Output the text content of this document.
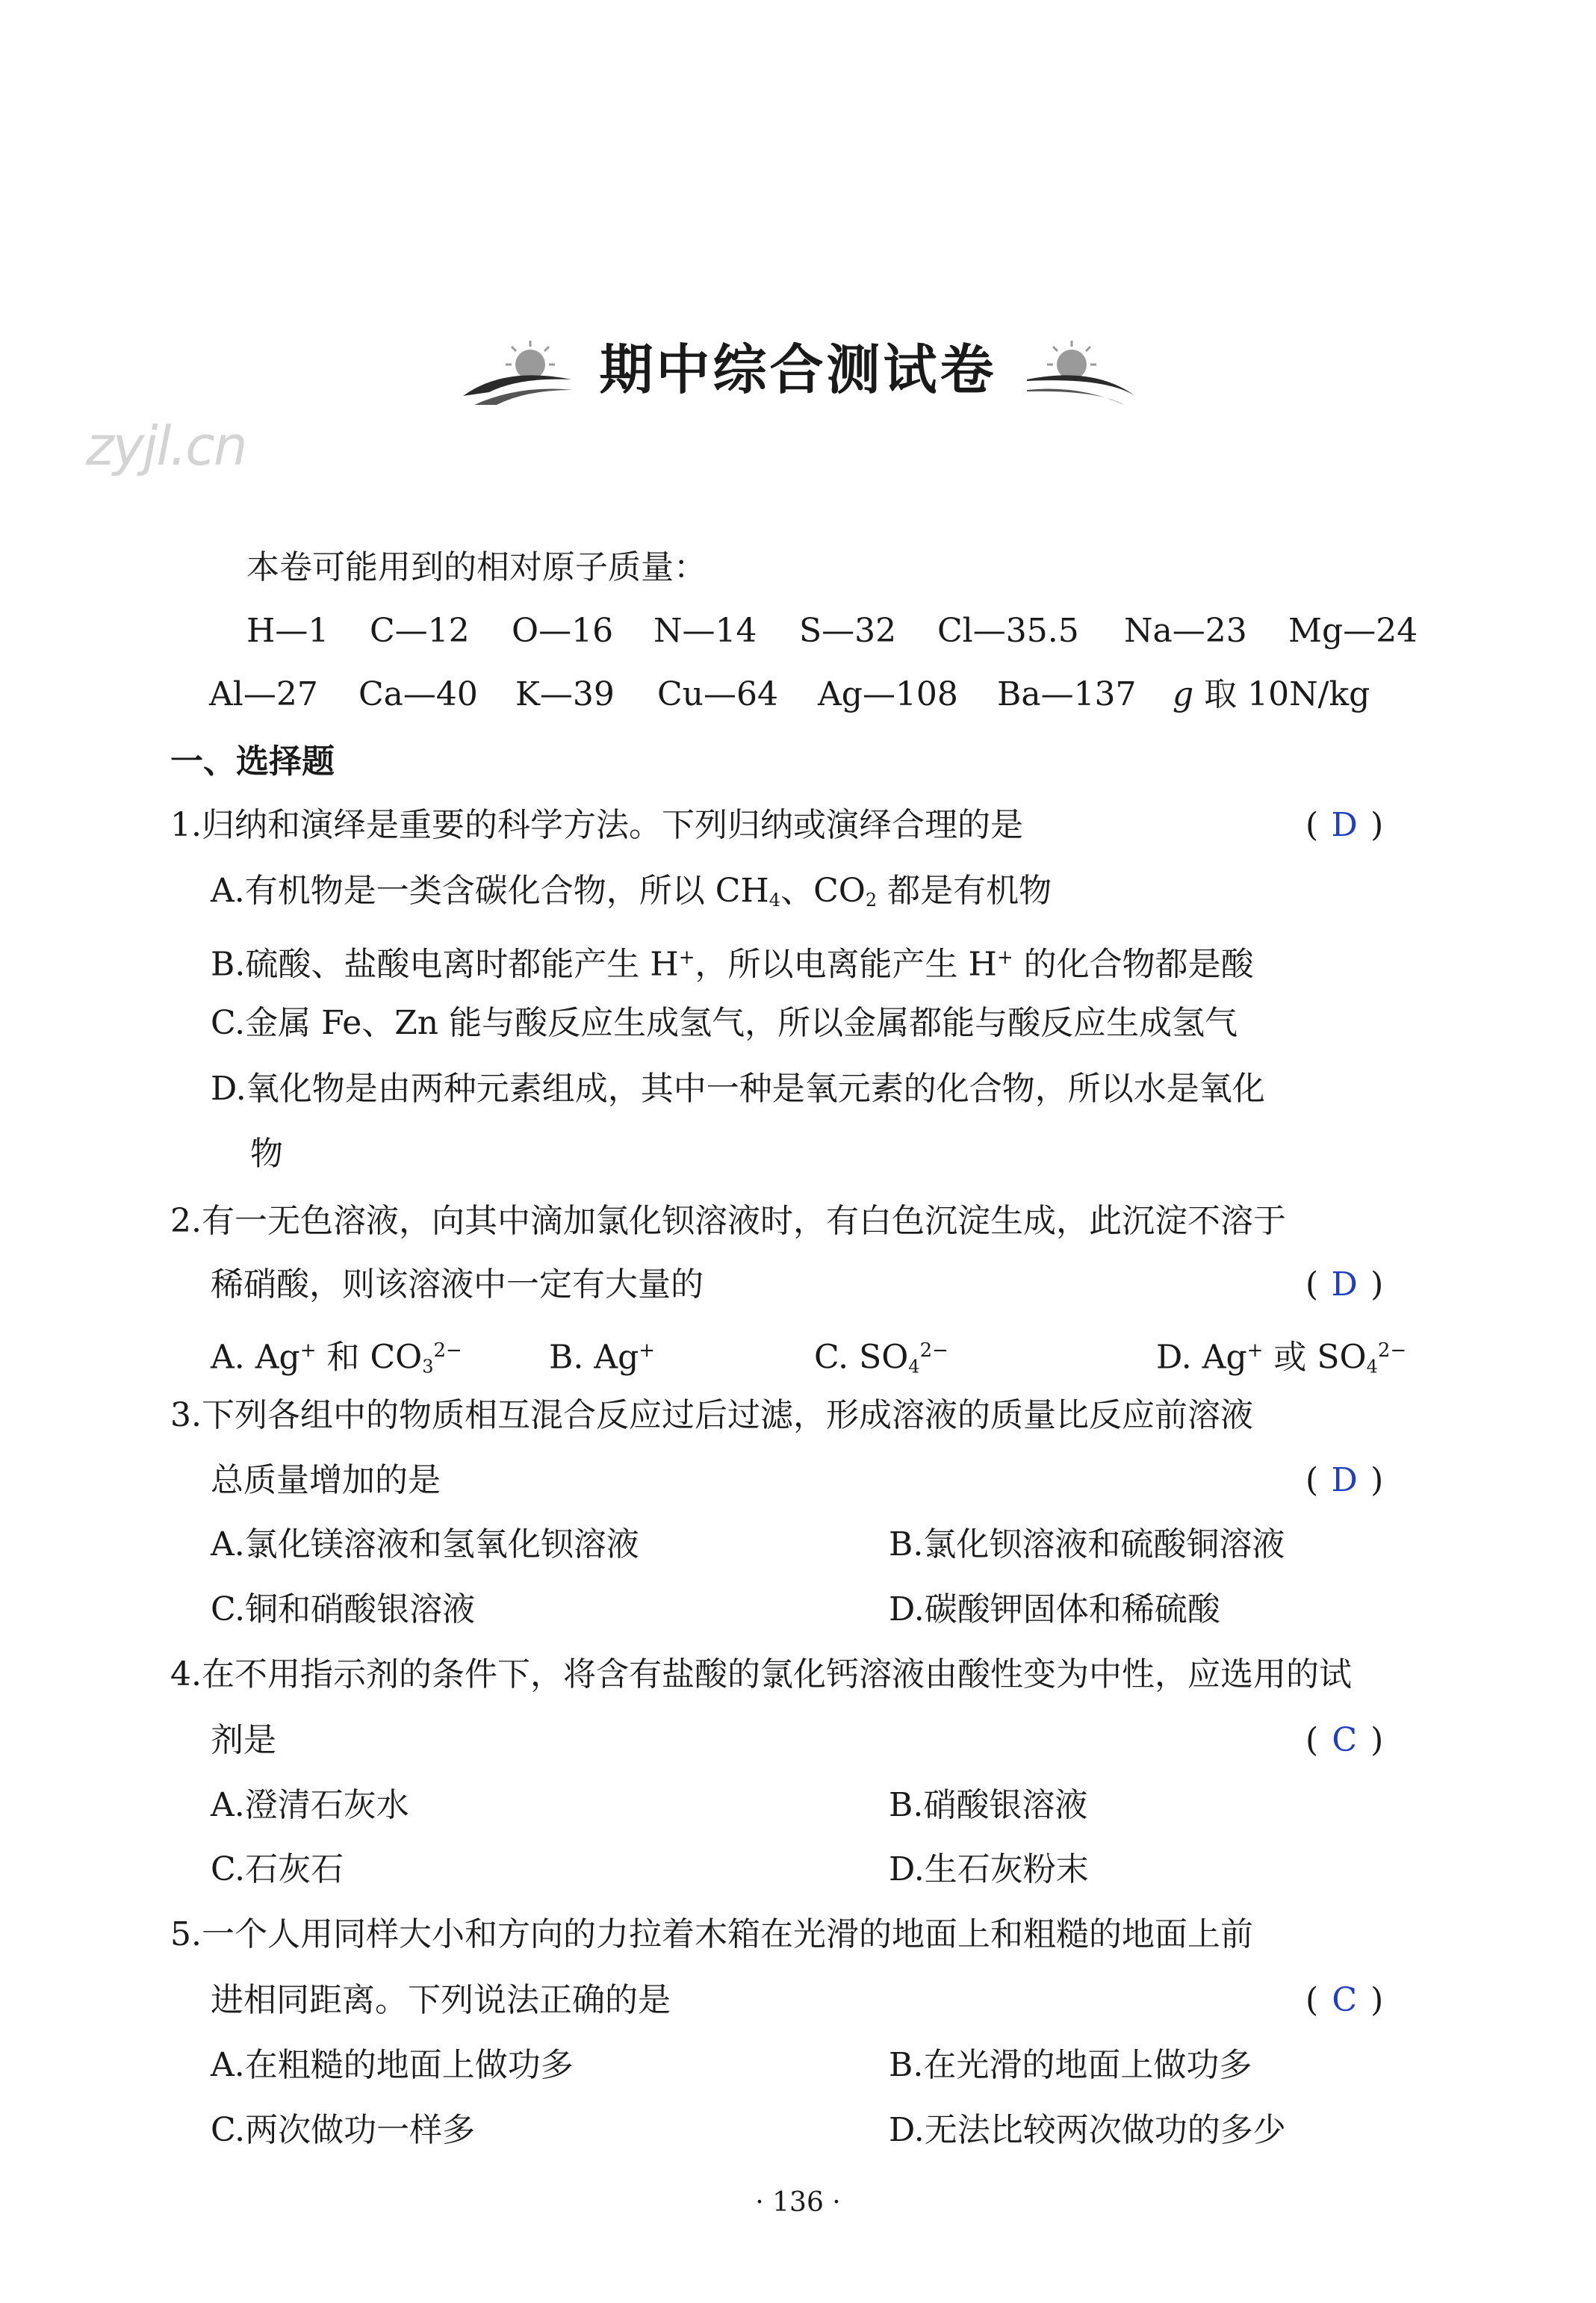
期中综合测试卷
zyjl.cn
本卷可能用到的相对原子质量：
H—1 C—12 O—16 N—14 S—32 Cl—35.5 Na—23 Mg—24
Al—27 Ca—40 K—39 Cu—64 Ag—108 Ba—137 g 取 10N/kg
一、选择题
1.归纳和演绎是重要的科学方法。下列归纳或演绎合理的是	( D )
A.有机物是一类含碳化合物，所以 $CH_4$、$CO_2$ 都是有机物
B.硫酸、盐酸电离时都能产生 H+，所以电离能产生 H+ 的化合物都是酸
C.金属 Fe、Zn 能与酸反应生成氢气，所以金属都能与酸反应生成氢气
D.氧化物是由两种元素组成，其中一种是氧元素的化合物，所以水是氧化
物
2.有一无色溶液，向其中滴加氯化钡溶液时，有白色沉淀生成，此沉淀不溶于
稀硝酸，则该溶液中一定有大量的	( D )
A. Ag+ 和 $CO_3^{2-}$	B. Ag+	C. $SO_4^{2-}$	D. Ag+ 或 $SO_4^{2-}$
3.下列各组中的物质相互混合反应过后过滤，形成溶液的质量比反应前溶液
总质量增加的是	( D )
A.氯化镁溶液和氢氧化钡溶液	B.氯化钡溶液和硫酸铜溶液
C.铜和硝酸银溶液	D.碳酸钾固体和稀硫酸
4.在不用指示剂的条件下，将含有盐酸的氯化钙溶液由酸性变为中性，应选用的试
剂是	( C )
A.澄清石灰水	B.硝酸银溶液
C.石灰石	D.生石灰粉末
5.一个人用同样大小和方向的力拉着木箱在光滑的地面上和粗糙的地面上前
进相同距离。下列说法正确的是	( C )
A.在粗糙的地面上做功多	B.在光滑的地面上做功多
C.两次做功一样多	D.无法比较两次做功的多少
· 136 ·
